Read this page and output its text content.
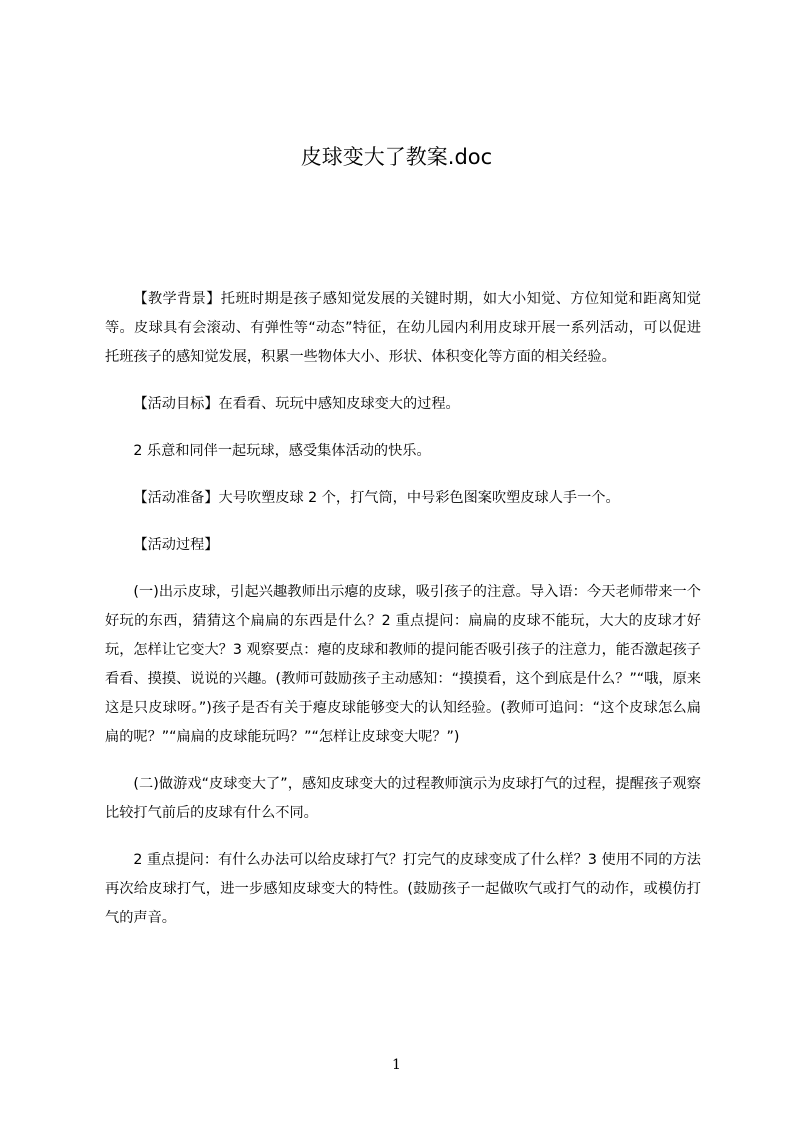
皮球变大了教案.doc

【教学背景】托班时期是孩子感知觉发展的关键时期，如大小知觉、方位知觉和距离知觉等。皮球具有会滚动、有弹性等“动态”特征，在幼儿园内利用皮球开展一系列活动，可以促进托班孩子的感知觉发展，积累一些物体大小、形状、体积变化等方面的相关经验。

【活动目标】在看看、玩玩中感知皮球变大的过程。

2 乐意和同伴一起玩球，感受集体活动的快乐。

【活动准备】大号吹塑皮球 2 个，打气筒，中号彩色图案吹塑皮球人手一个。

【活动过程】

(一)出示皮球，引起兴趣教师出示瘪的皮球，吸引孩子的注意。导入语：今天老师带来一个好玩的东西，猜猜这个扁扁的东西是什么？2 重点提问：扁扁的皮球不能玩，大大的皮球才好玩，怎样让它变大？3 观察要点：瘪的皮球和教师的提问能否吸引孩子的注意力，能否激起孩子看看、摸摸、说说的兴趣。(教师可鼓励孩子主动感知：“摸摸看，这个到底是什么？”“哦，原来这是只皮球呀。”)孩子是否有关于瘪皮球能够变大的认知经验。(教师可追问：“这个皮球怎么扁扁的呢？”“扁扁的皮球能玩吗？”“怎样让皮球变大呢？”)

(二)做游戏“皮球变大了”，感知皮球变大的过程教师演示为皮球打气的过程，提醒孩子观察比较打气前后的皮球有什么不同。

2 重点提问：有什么办法可以给皮球打气？打完气的皮球变成了什么样？3 使用不同的方法再次给皮球打气，进一步感知皮球变大的特性。(鼓励孩子一起做吹气或打气的动作，或模仿打气的声音。

1
